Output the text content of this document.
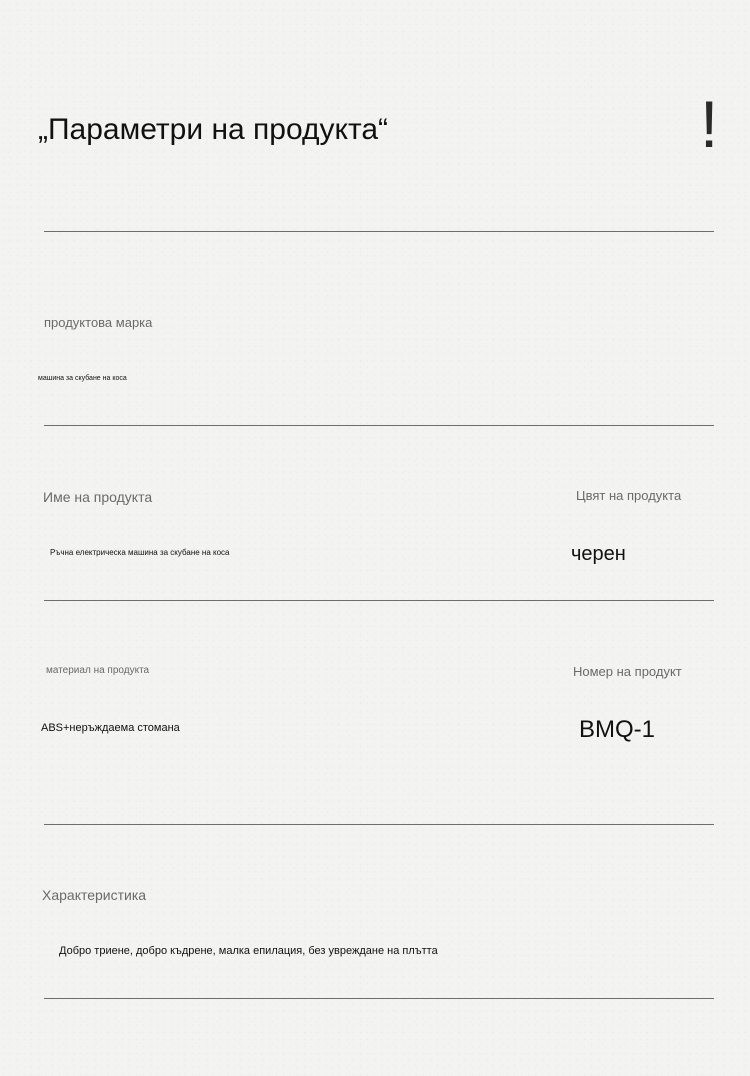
„Параметри на продукта“	!
продуктова марка
машина за скубане на коса
Име на продукта	Цвят на продукта
Ръчна електрическа машина за скубане на коса	черен
материал на продукта	Номер на продукт
ABS+неръждаема стомана	BMQ-1
Характеристика
Добро триене, добро къдрене, малка епилация, без увреждане на плътта
